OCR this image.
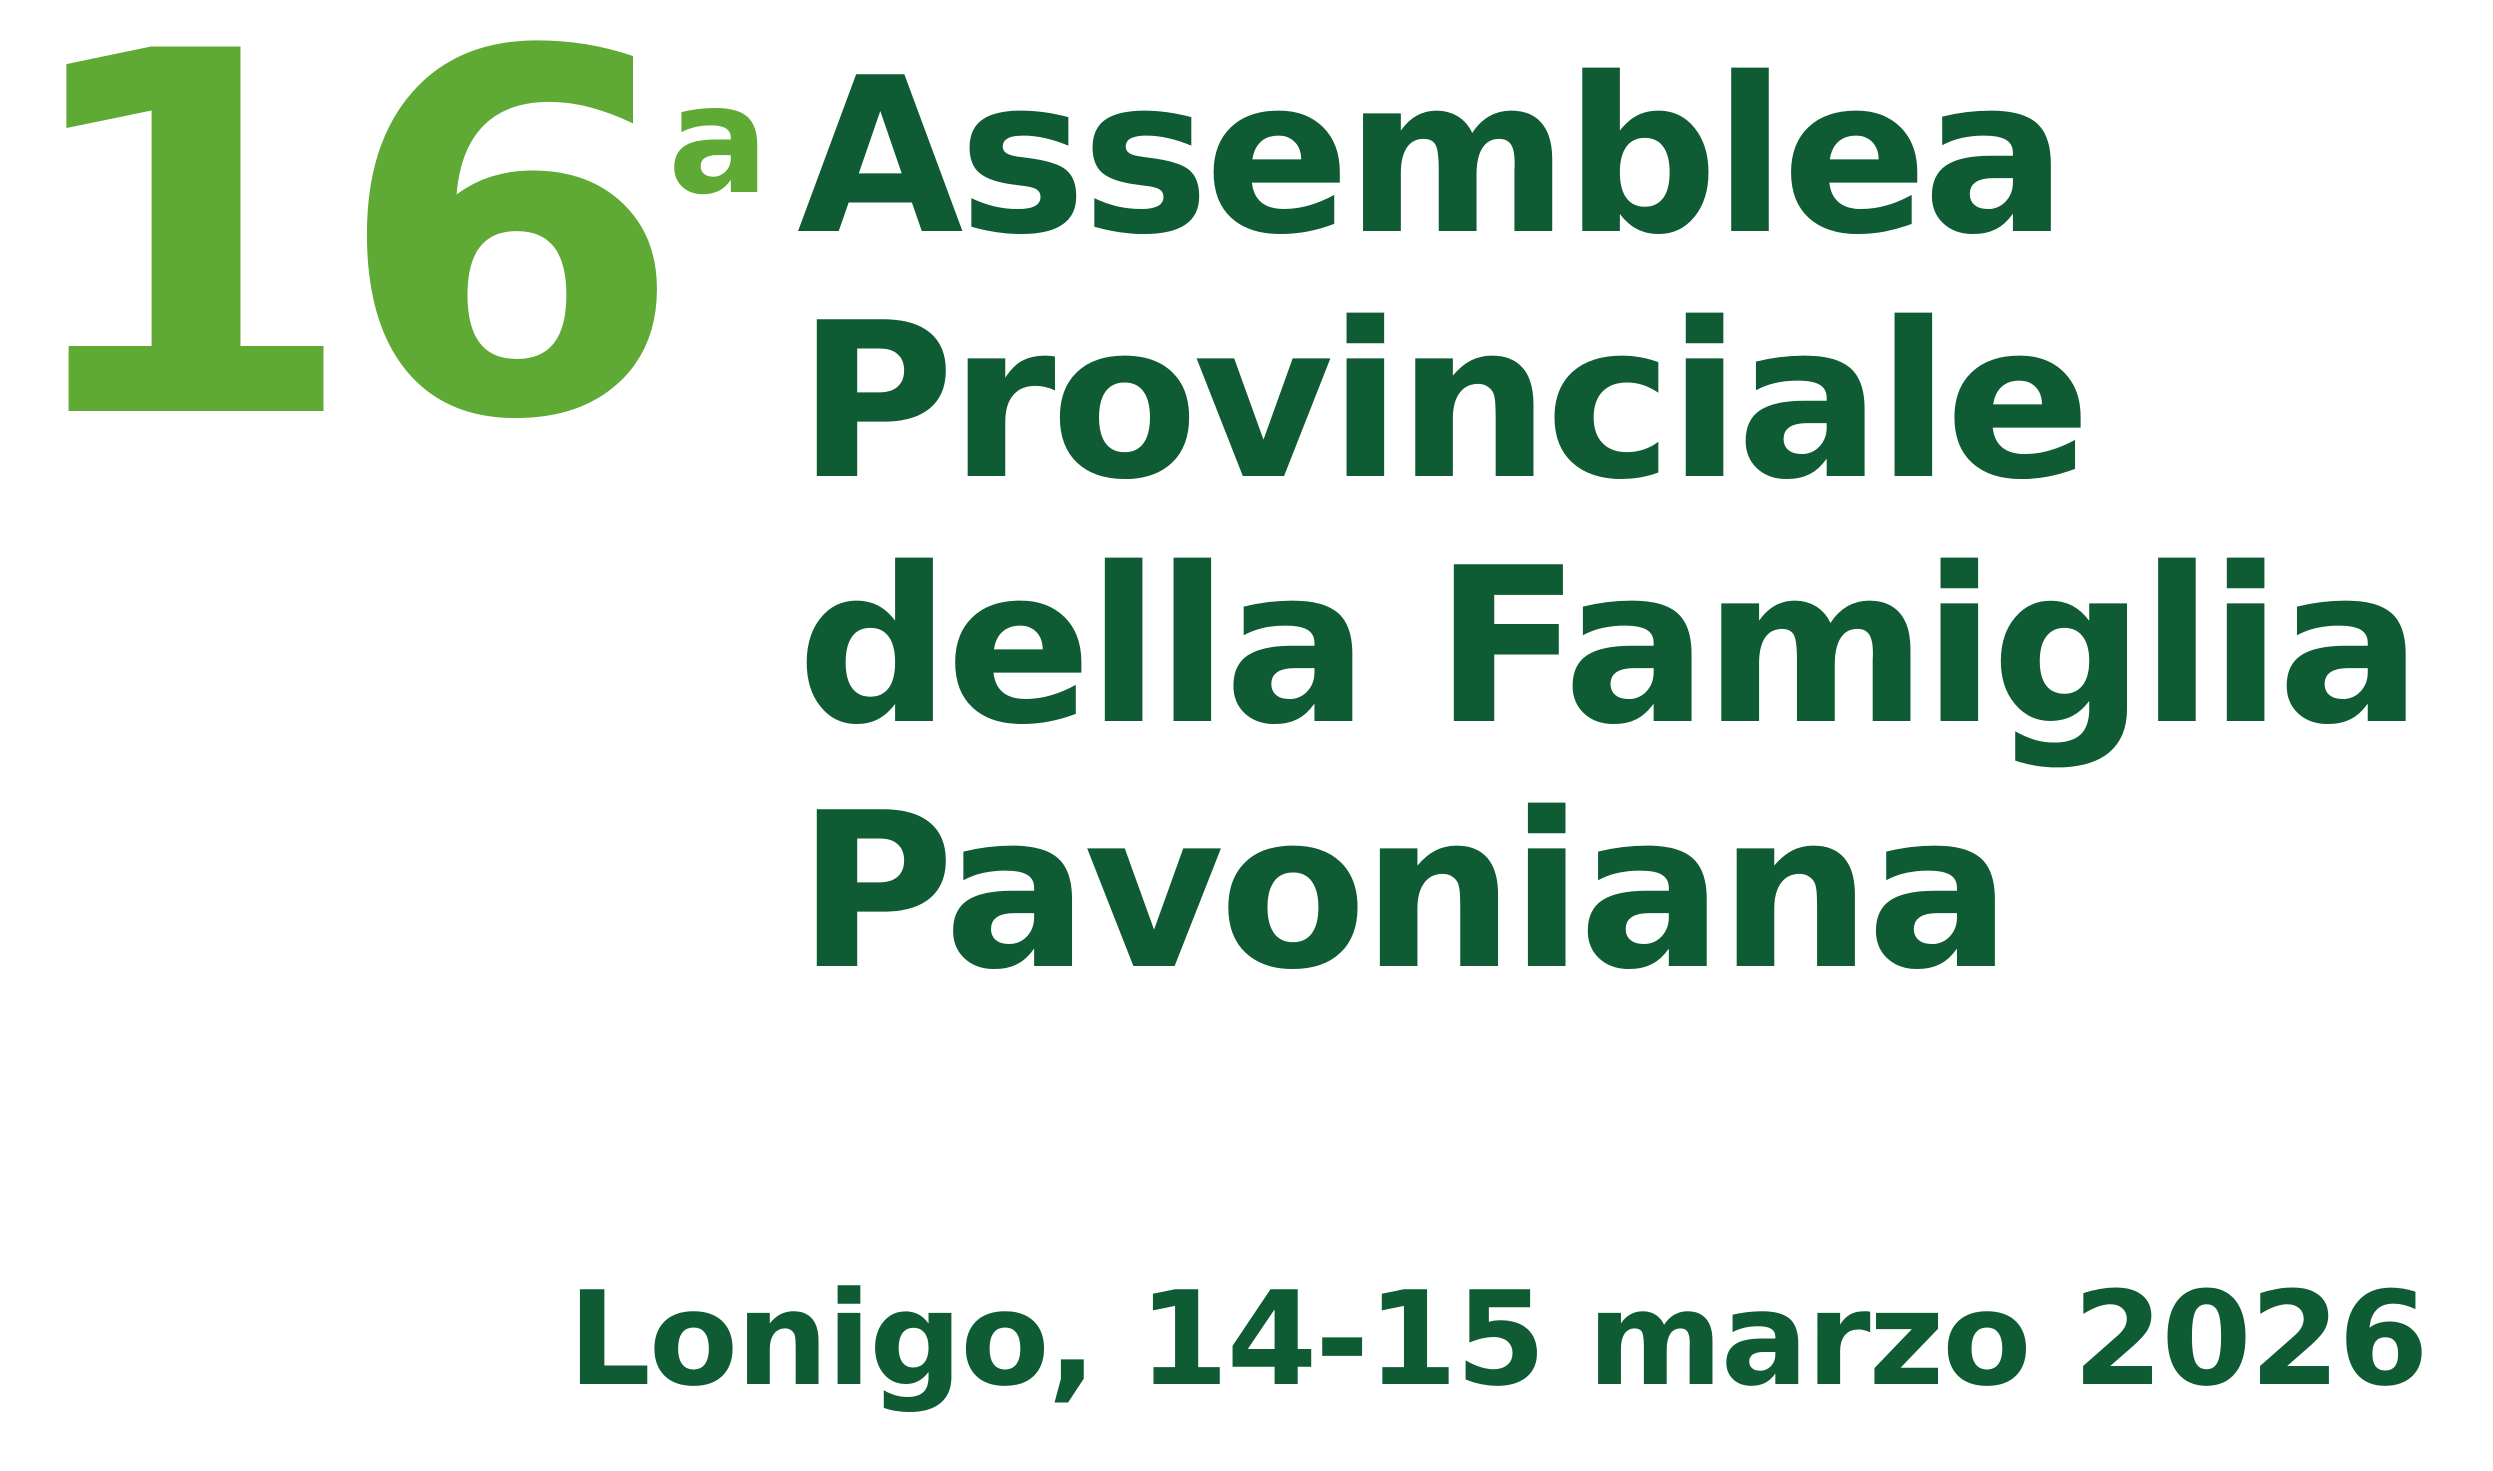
16 a Assemblea
Provinciale
della Famiglia
Pavoniana
Lonigo, 14-15 marzo 2026
